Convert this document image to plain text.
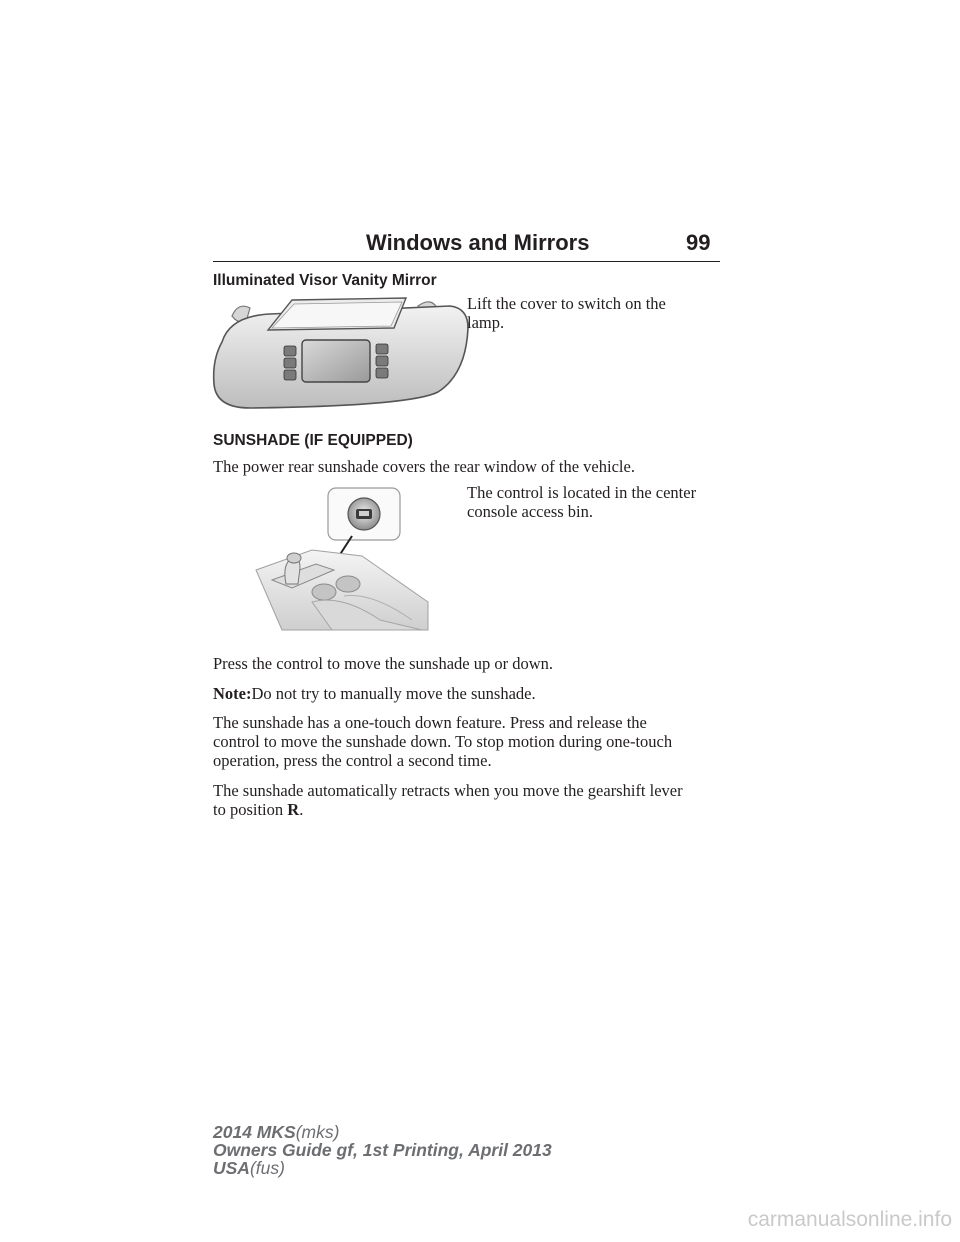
Windows and Mirrors	99
Illuminated Visor Vanity Mirror
Lift the cover to switch on the
lamp.
SUNSHADE (IF EQUIPPED)
The power rear sunshade covers the rear window of the vehicle.
The control is located in the center
console access bin.
Press the control to move the sunshade up or down.
Note:Do not try to manually move the sunshade.
The sunshade has a one-touch down feature. Press and release the
control to move the sunshade down. To stop motion during one-touch
operation, press the control a second time.
The sunshade automatically retracts when you move the gearshift lever
to position R.
2014 MKS(mks)
Owners Guide gf, 1st Printing, April 2013
USA(fus)
carmanualsonline.info
